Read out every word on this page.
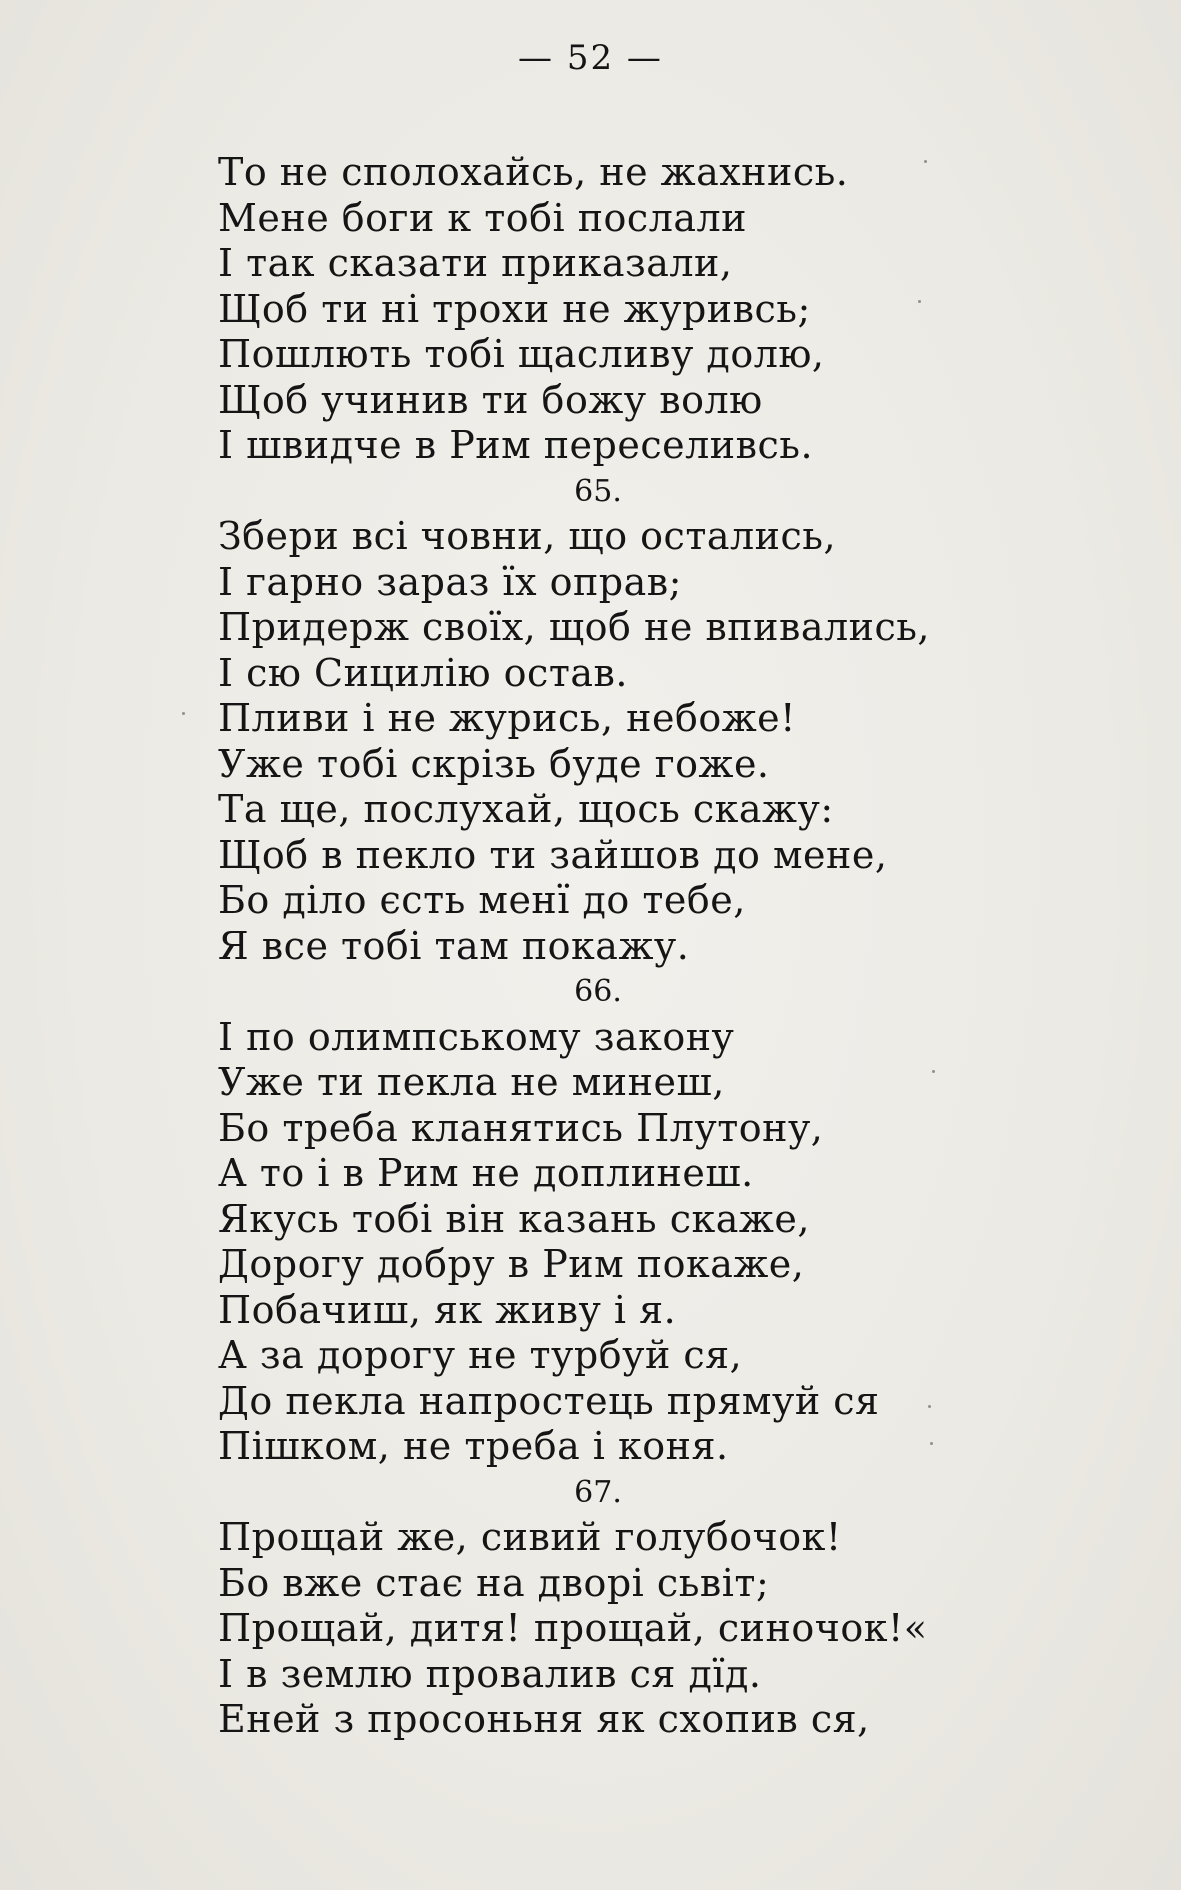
— 52 —
То не сполохайсь, не жахнись.
Мене боги к тобі послали
І так сказати приказали,
Щоб ти ні трохи не журивсь;
Пошлють тобі щасливу долю,
Щоб учинив ти божу волю
І швидче в Рим переселивсь.
65.
Збери всі човни, що остались,
І гарно зараз їх оправ;
Придерж своїх, щоб не впивались,
І сю Сицилію остав.
Пливи і не журись, небоже!
Уже тобі скрізь буде гоже.
Та ще, послухай, щось скажу:
Щоб в пекло ти зайшов до мене,
Бо діло єсть менї до тебе,
Я все тобі там покажу.
66.
І по олимпському закону
Уже ти пекла не минеш,
Бо треба кланятись Плутону,
А то і в Рим не доплинеш.
Якусь тобі він казань скаже,
Дорогу добру в Рим покаже,
Побачиш, як живу і я.
А за дорогу не турбуй ся,
До пекла напростець прямуй ся
Пішком, не треба і коня.
67.
Прощай же, сивий голубочок!
Бо вже стає на дворі сьвіт;
Прощай, дитя! прощай, синочок!«
І в землю провалив ся дїд.
Еней з просоньня як схопив ся,
